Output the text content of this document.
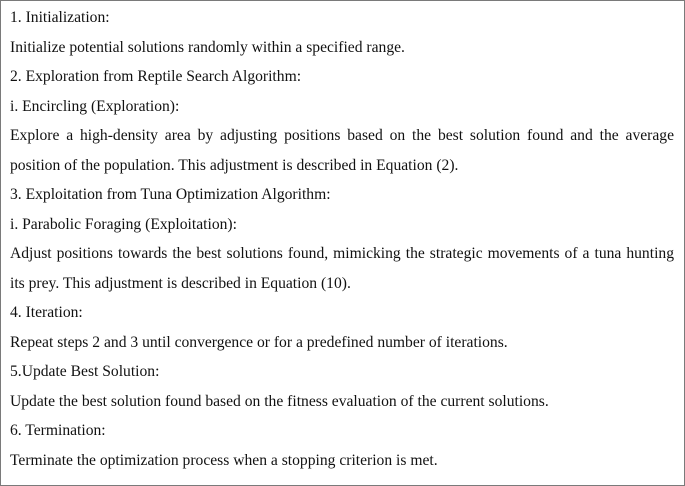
1. Initialization:

Initialize potential solutions randomly within a specified range.

2. Exploration from Reptile Search Algorithm:

i. Encircling (Exploration):

Explore a high-density area by adjusting positions based on the best solution found and the average position of the population. This adjustment is described in Equation (2).

3. Exploitation from Tuna Optimization Algorithm:

i. Parabolic Foraging (Exploitation):

Adjust positions towards the best solutions found, mimicking the strategic movements of a tuna hunting its prey. This adjustment is described in Equation (10).

4. Iteration:

Repeat steps 2 and 3 until convergence or for a predefined number of iterations.

5.Update Best Solution:

Update the best solution found based on the fitness evaluation of the current solutions.

6. Termination:

Terminate the optimization process when a stopping criterion is met.
